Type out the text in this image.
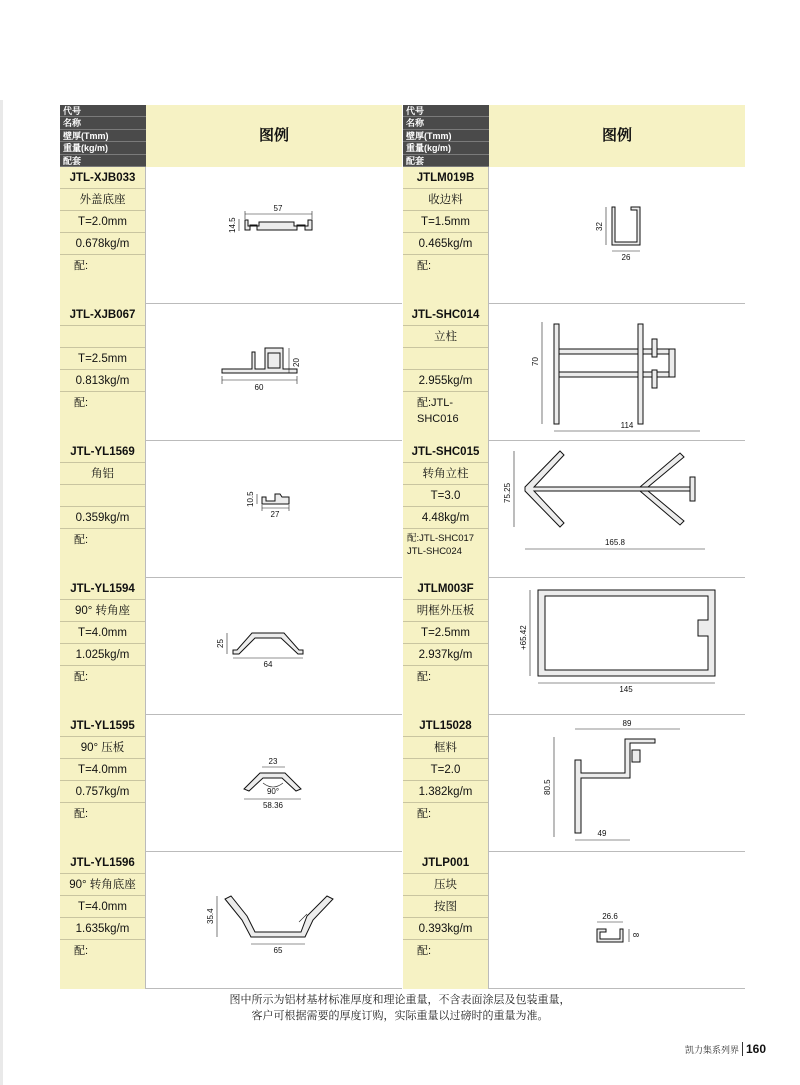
代号
名称
壁厚(Tmm)
重量(kg/m)
配套
图例
JTL-XJB033
外盖底座
T=2.0mm
0.678kg/m
配:
57
14.5
JTL-XJB067
T=2.5mm
0.813kg/m
配:
60
20
JTL-YL1569
角铝
0.359kg/m
配:
27
10.5
JTL-YL1594
90° 转角座
T=4.0mm
1.025kg/m
配:
64
25
JTL-YL1595
90° 压板
T=4.0mm
0.757kg/m
配:
23
90°
58.36
JTL-YL1596
90° 转角底座
T=4.0mm
1.635kg/m
配:	65
35.4
代号
名称
壁厚(Tmm)
重量(kg/m)
配套
图例
JTLM019B
收边料
T=1.5mm
0.465kg/m
配:
32
26
JTL-SHC014
立柱
2.955kg/m
配:JTL-SHC016
70
114
JTL-SHC015
转角立柱
T=3.0
4.48kg/m
配:JTL-SHC017 JTL-SHC024
75.25
165.8
JTLM003F
明框外压板
T=2.5mm
2.937kg/m
配:
+65.42
145
JTL15028
框料
T=2.0
1.382kg/m
配:
89
80.5
49
JTLP001
压块
按图
0.393kg/m
配:
26.6
8
图中所示为铝材基材标准厚度和理论重量，不含表面涂层及包装重量，
客户可根据需要的厚度订购，实际重量以过磅时的重量为准。
凯力集系列界 160
